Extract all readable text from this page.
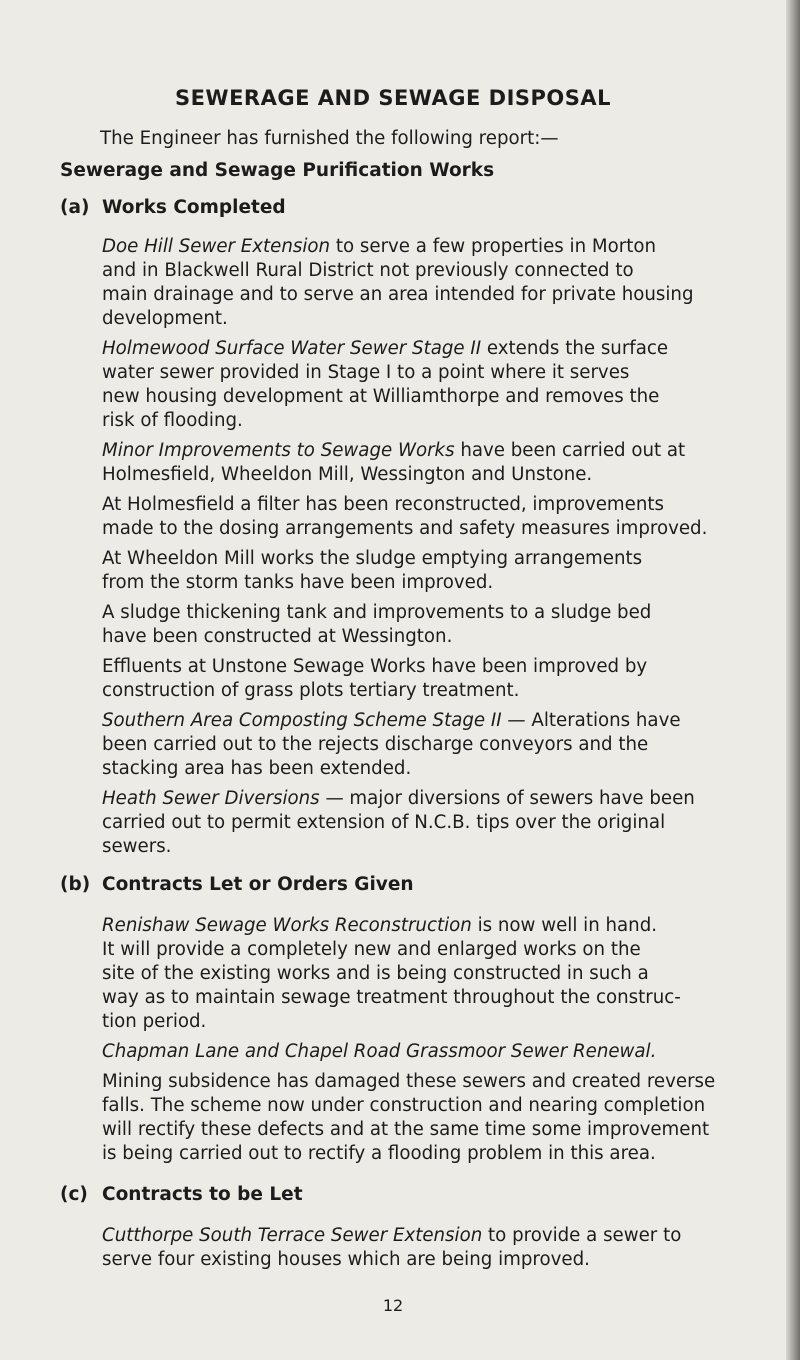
SEWERAGE AND SEWAGE DISPOSAL
The Engineer has furnished the following report:—
Sewerage and Sewage Purification Works
(a) Works Completed
Doe Hill Sewer Extension to serve a few properties in Morton
and in Blackwell Rural District not previously connected to
main drainage and to serve an area intended for private housing
development.
Holmewood Surface Water Sewer Stage II extends the surface
water sewer provided in Stage I to a point where it serves
new housing development at Williamthorpe and removes the
risk of flooding.
Minor Improvements to Sewage Works have been carried out at
Holmesfield, Wheeldon Mill, Wessington and Unstone.
At Holmesfield a filter has been reconstructed, improvements
made to the dosing arrangements and safety measures improved.
At Wheeldon Mill works the sludge emptying arrangements
from the storm tanks have been improved.
A sludge thickening tank and improvements to a sludge bed
have been constructed at Wessington.
Effluents at Unstone Sewage Works have been improved by
construction of grass plots tertiary treatment.
Southern Area Composting Scheme Stage II — Alterations have
been carried out to the rejects discharge conveyors and the
stacking area has been extended.
Heath Sewer Diversions — major diversions of sewers have been
carried out to permit extension of N.C.B. tips over the original
sewers.
(b) Contracts Let or Orders Given
Renishaw Sewage Works Reconstruction is now well in hand.
It will provide a completely new and enlarged works on the
site of the existing works and is being constructed in such a
way as to maintain sewage treatment throughout the construc-
tion period.
Chapman Lane and Chapel Road Grassmoor Sewer Renewal.
Mining subsidence has damaged these sewers and created reverse
falls. The scheme now under construction and nearing completion
will rectify these defects and at the same time some improvement
is being carried out to rectify a flooding problem in this area.
(c) Contracts to be Let
Cutthorpe South Terrace Sewer Extension to provide a sewer to
serve four existing houses which are being improved.
12
